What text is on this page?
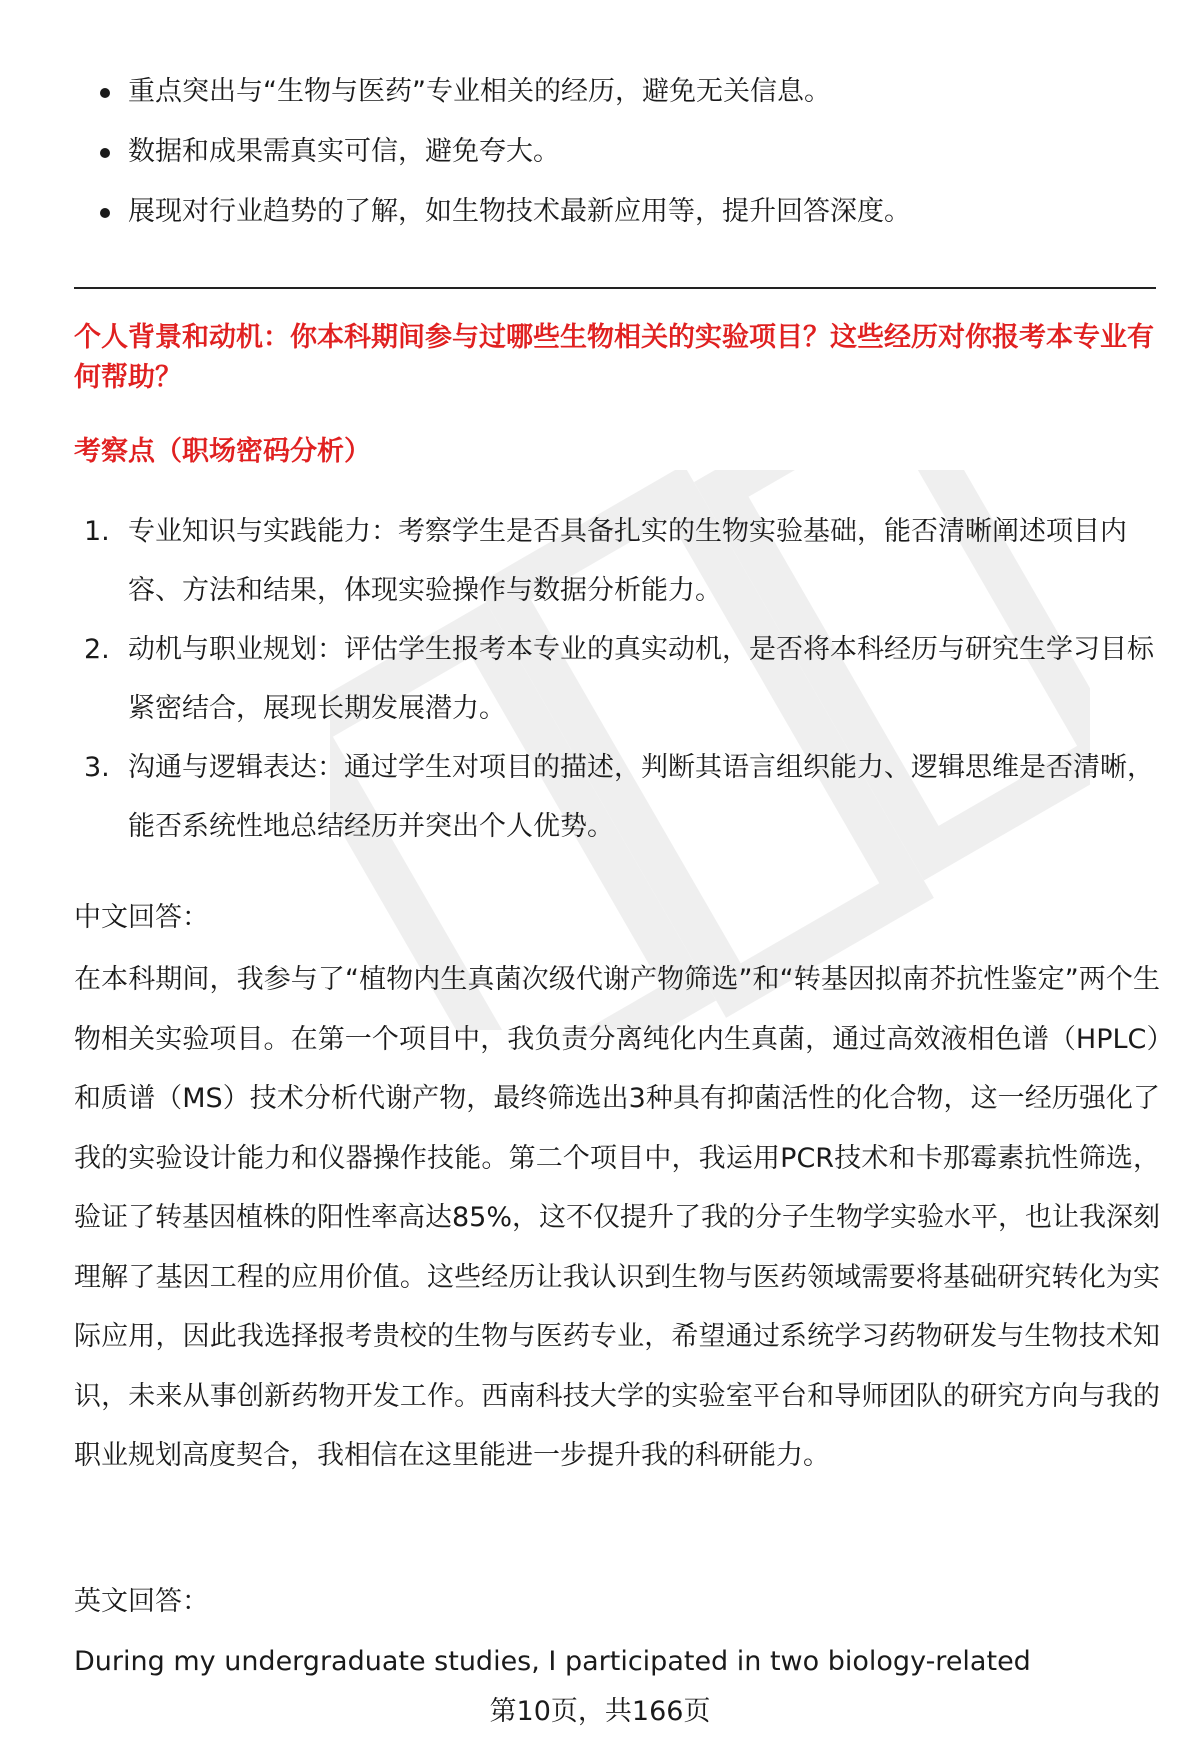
重点突出与“生物与医药”专业相关的经历，避免无关信息。
数据和成果需真实可信，避免夸大。
展现对行业趋势的了解，如生物技术最新应用等，提升回答深度。
个人背景和动机：你本科期间参与过哪些生物相关的实验项目？这些经历对你报考本专业有何帮助？
考察点（职场密码分析）
1. 专业知识与实践能力：考察学生是否具备扎实的生物实验基础，能否清晰阐述项目内容、方法和结果，体现实验操作与数据分析能力。
2. 动机与职业规划：评估学生报考本专业的真实动机，是否将本科经历与研究生学习目标紧密结合，展现长期发展潜力。
3. 沟通与逻辑表达：通过学生对项目的描述，判断其语言组织能力、逻辑思维是否清晰，能否系统性地总结经历并突出个人优势。
中文回答：

在本科期间，我参与了“植物内生真菌次级代谢产物筛选”和“转基因拟南芥抗性鉴定”两个生物相关实验项目。在第一个项目中，我负责分离纯化内生真菌，通过高效液相色谱（HPLC）和质谱（MS）技术分析代谢产物，最终筛选出3种具有抑菌活性的化合物，这一经历强化了我的实验设计能力和仪器操作技能。第二个项目中，我运用PCR技术和卡那霉素抗性筛选，验证了转基因植株的阳性率高达85%，这不仅提升了我的分子生物学实验水平，也让我深刻理解了基因工程的应用价值。这些经历让我认识到生物与医药领域需要将基础研究转化为实际应用，因此我选择报考贵校的生物与医药专业，希望通过系统学习药物研发与生物技术知识，未来从事创新药物开发工作。西南科技大学的实验室平台和导师团队的研究方向与我的职业规划高度契合，我相信在这里能进一步提升我的科研能力。

英文回答：
During my undergraduate studies, I participated in two biology-related
第10页，共166页
